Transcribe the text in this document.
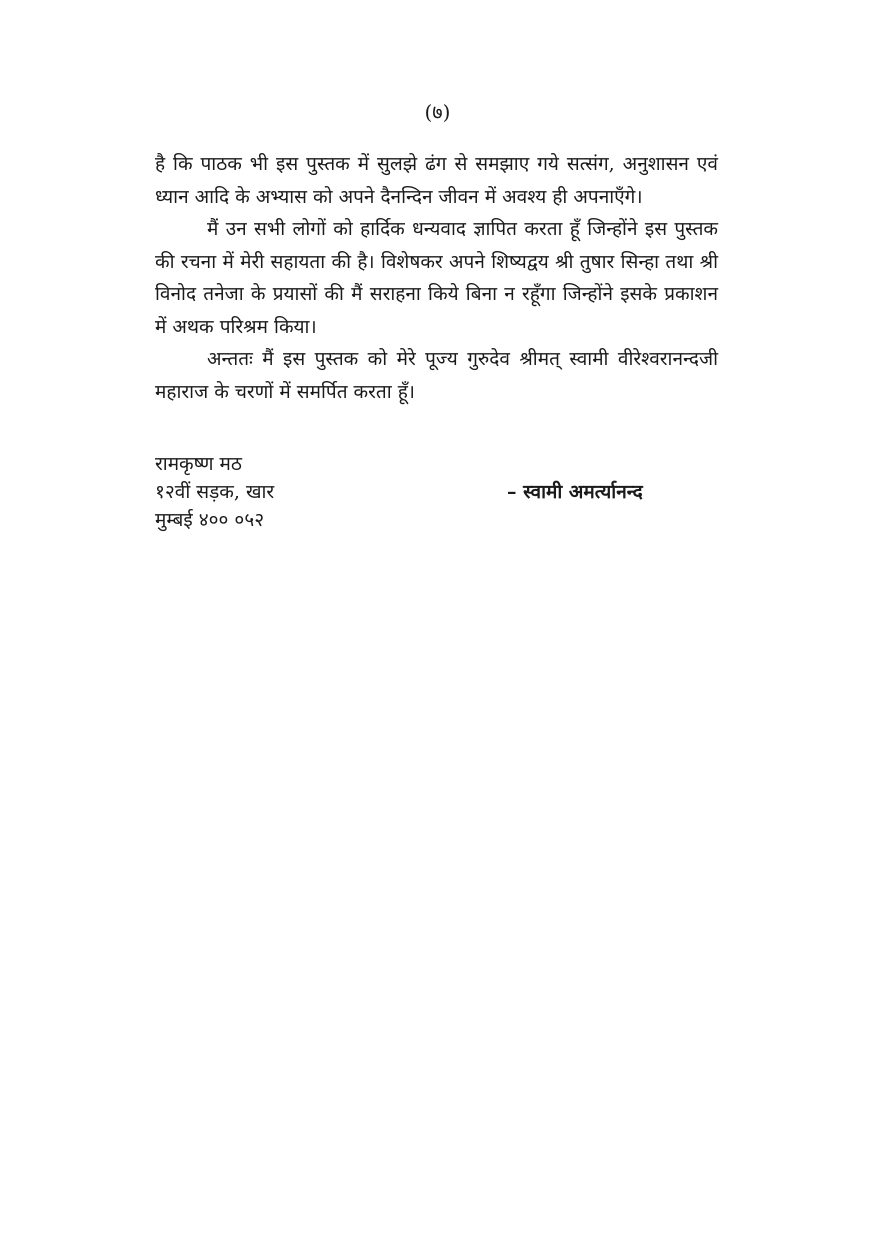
(७)

है कि पाठक भी इस पुस्तक में सुलझे ढंग से समझाए गये सत्संग, अनुशासन एवं ध्यान आदि के अभ्यास को अपने दैनन्दिन जीवन में अवश्य ही अपनाएँगे।

मैं उन सभी लोगों को हार्दिक धन्यवाद ज्ञापित करता हूँ जिन्होंने इस पुस्तक की रचना में मेरी सहायता की है। विशेषकर अपने शिष्यद्वय श्री तुषार सिन्हा तथा श्री विनोद तनेजा के प्रयासों की मैं सराहना किये बिना न रहूँगा जिन्होंने इसके प्रकाशन में अथक परिश्रम किया।

अन्ततः मैं इस पुस्तक को मेरे पूज्य गुरुदेव श्रीमत् स्वामी वीरेश्वरानन्दजी महाराज के चरणों में समर्पित करता हूँ।

रामकृष्ण मठ
१२वीं सड़क, खार	– स्वामी अमर्त्यानन्द
मुम्बई ४०० ०५२
